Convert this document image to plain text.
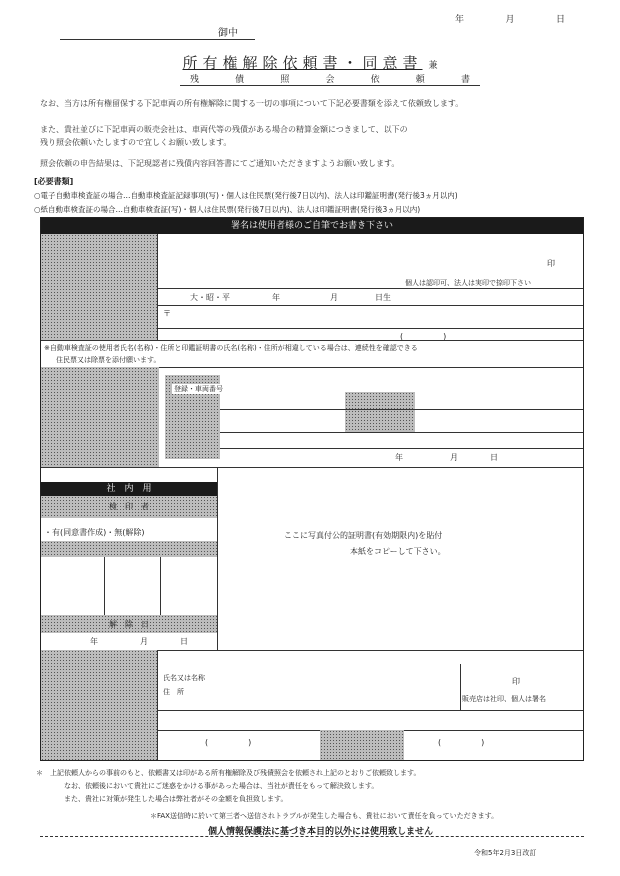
年	月	日
御中
所有権解除依頼書・同意書 兼
残	債	照	会	依	頼	書
なお、当方は所有権留保する下記車両の所有権解除に関する一切の事項について下記必要書類を添えて依頼致します。
また、貴社並びに下記車両の販売会社は、車両代等の残債がある場合の精算金額につきまして、以下の
残り照会依頼いたしますので宜しくお願い致します。
照会依頼の申告結果は、下記現認者に残債内容回答書にてご通知いただきますようお願い致します。
[必要書類]
○電子自動車検査証の場合…自動車検査証記録事項(写)・個人は住民票(発行後7日以内)、法人は印鑑証明書(発行後3ヵ月以内)
○紙自動車検査証の場合…自動車検査証(写)・個人は住民票(発行後7日以内)、法人は印鑑証明書(発行後3ヵ月以内)
署名は使用者様のご自筆でお書き下さい
印
個人は認印可、法人は実印で捺印下さい
大・昭・平	年	月	日生
〒
(　　　　　)
※自動車検査証の使用者氏名(名称)・住所と印鑑証明書の氏名(名称)・住所が相違している場合は、連続性を確認できる
住民票又は除票を添付願います。
登録・車両番号
年	月	日
社　内　用
検　印　者
・有(同意書作成)・無(解除)
解　除　日
年	月	日
ここに写真付公的証明書(有効期限内)を貼付
本紙をコピーして下さい。
氏名又は名称
住　所
印
販売店は社印、個人は署名
(　　　　　)	(　　　　　)
＊　上記依頼人からの事前のもと、依頼書又は印がある所有権解除及び残債照会を依頼され上記のとおりご依頼致します。
なお、依頼後において貴社にご迷惑をかける事があった場合は、当社が責任をもって解決致します。
また、貴社に対策が発生した場合は弊社者がその金額を負担致します。
＊FAX送信時に於いて第三者へ送信されトラブルが発生した場合も、貴社において責任を負っていただきます。
個人情報保護法に基づき本目的以外には使用致しません
令和5年2月3日改訂
